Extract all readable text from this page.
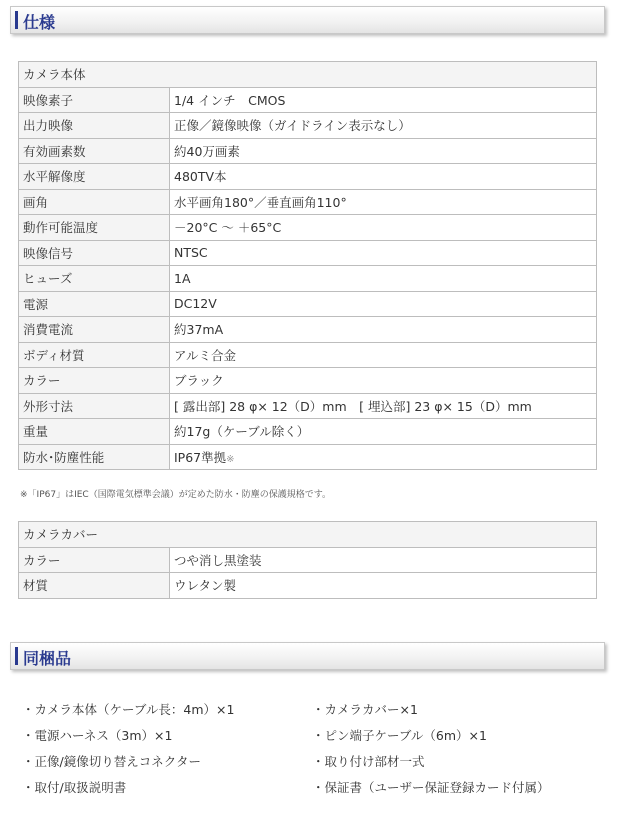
仕様
カメラ本体	
映像素子	1/4 インチ　CMOS
出力映像	正像／鏡像映像（ガイドライン表示なし）
有効画素数	約40万画素
水平解像度	480TV本
画角	水平画角180°／垂直画角110°
動作可能温度	－20°C ～ ＋65°C
映像信号	NTSC
ヒューズ	1A
電源	DC12V
消費電流	約37mA
ボディ材質	アルミ合金
カラー	ブラック
外形寸法	[ 露出部] 28 φ× 12（D）mm　[ 埋込部] 23 φ× 15（D）mm
重量	約17g（ケーブル除く）
防水･防塵性能	IP67準拠※
※「IP67」はIEC（国際電気標準会議）が定めた防水・防塵の保護規格です。
カメラカバー	
カラー	つや消し黒塗装
材質	ウレタン製
同梱品
・カメラ本体（ケーブル長：4m）×1	・カメラカバー×1
・電源ハーネス（3m）×1	・ピン端子ケーブル（6m）×1
・正像/鏡像切り替えコネクター	・取り付け部材一式
・取付/取扱説明書	・保証書（ユーザー保証登録カード付属）
